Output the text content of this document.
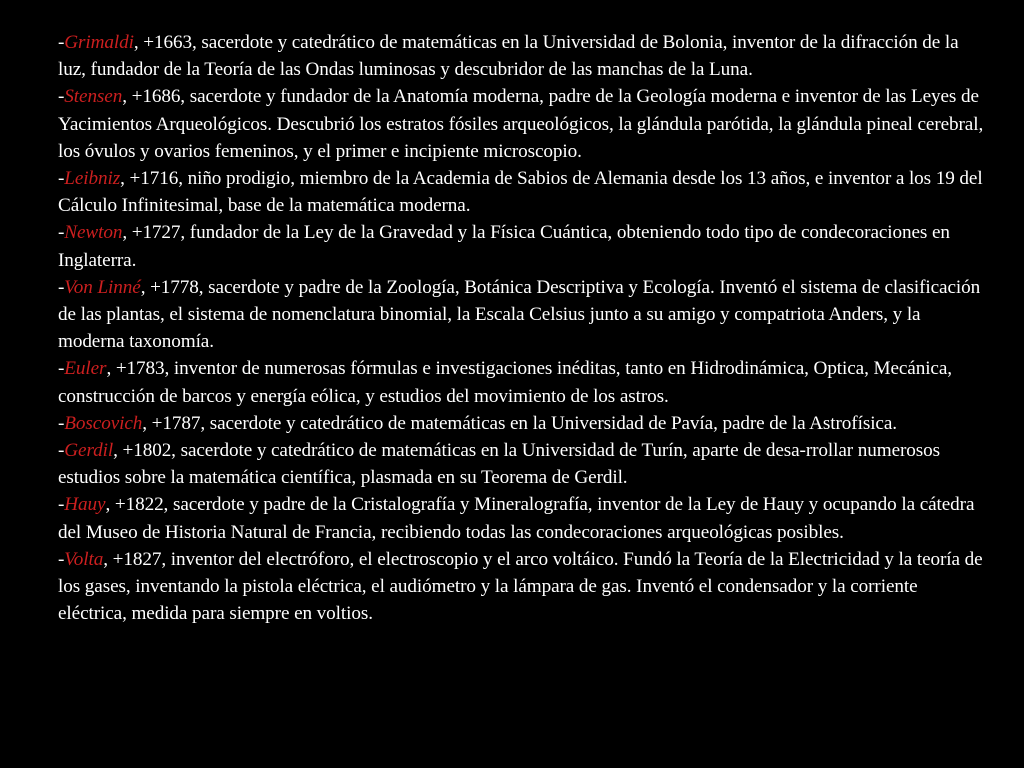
-Grimaldi, +1663, sacerdote y catedrático de matemáticas en la Universidad de Bolonia, inventor de la difracción de la luz, fundador de la Teoría de las Ondas luminosas y descubridor de las manchas de la Luna.

-Stensen, +1686, sacerdote y fundador de la Anatomía moderna, padre de la Geología moderna e inventor de las Leyes de Yacimientos Arqueológicos. Descubrió los estratos fósiles arqueológicos, la glándula parótida, la glándula pineal cerebral, los óvulos y ovarios femeninos, y el primer e incipiente microscopio.

-Leibniz, +1716, niño prodigio, miembro de la Academia de Sabios de Alemania desde los 13 años, e inventor a los 19 del Cálculo Infinitesimal, base de la matemática moderna.

-Newton, +1727, fundador de la Ley de la Gravedad y la Física Cuántica, obteniendo todo tipo de condecoraciones en Inglaterra.

-Von Linné, +1778, sacerdote y padre de la Zoología, Botánica Descriptiva y Ecología. Inventó el sistema de clasificación de las plantas, el sistema de nomenclatura binomial, la Escala Celsius junto a su amigo y compatriota Anders, y la moderna taxonomía.

-Euler, +1783, inventor de numerosas fórmulas e investigaciones inéditas, tanto en Hidrodinámica, Optica, Mecánica, construcción de barcos y energía eólica, y estudios del movimiento de los astros.

-Boscovich, +1787, sacerdote y catedrático de matemáticas en la Universidad de Pavía, padre de la Astrofísica.

-Gerdil, +1802, sacerdote y catedrático de matemáticas en la Universidad de Turín, aparte de desa-rrollar numerosos estudios sobre la matemática científica, plasmada en su Teorema de Gerdil.

-Hauy, +1822, sacerdote y padre de la Cristalografía y Mineralografía, inventor de la Ley de Hauy y ocupando la cátedra del Museo de Historia Natural de Francia, recibiendo todas las condecoraciones arqueológicas posibles.

-Volta, +1827, inventor del electróforo, el electroscopio y el arco voltáico. Fundó la Teoría de la Electricidad y la teoría de los gases, inventando la pistola eléctrica, el audiómetro y la lámpara de gas. Inventó el condensador y la corriente eléctrica, medida para siempre en voltios.
